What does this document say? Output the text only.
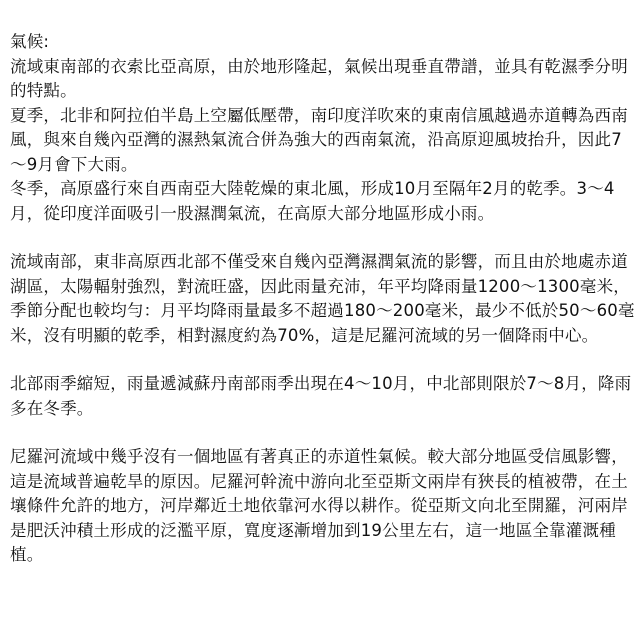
氣候:

流域東南部的衣索比亞高原，由於地形隆起，氣候出現垂直帶譜，並具有乾濕季分明的特點。

夏季，北非和阿拉伯半島上空屬低壓帶，南印度洋吹來的東南信風越過赤道轉為西南風，與來自幾內亞灣的濕熱氣流合併為強大的西南氣流，沿高原迎風坡抬升，因此7～9月會下大雨。

冬季，高原盛行來自西南亞大陸乾燥的東北風，形成10月至隔年2月的乾季。3～4月，從印度洋面吸引一股濕潤氣流，在高原大部分地區形成小雨。

流域南部，東非高原西北部不僅受來自幾內亞灣濕潤氣流的影響，而且由於地處赤道湖區，太陽輻射強烈，對流旺盛，因此雨量充沛，年平均降雨量1200～1300毫米，季節分配也較均勻：月平均降雨量最多不超過180～200毫米，最少不低於50～60毫米，沒有明顯的乾季，相對濕度約為70%，這是尼羅河流域的另一個降雨中心。

北部雨季縮短，雨量遞減蘇丹南部雨季出現在4～10月，中北部則限於7～8月，降雨多在冬季。

尼羅河流域中幾乎沒有一個地區有著真正的赤道性氣候。較大部分地區受信風影響，這是流域普遍乾旱的原因。尼羅河幹流中游向北至亞斯文兩岸有狹長的植被帶，在土壤條件允許的地方，河岸鄰近土地依靠河水得以耕作。從亞斯文向北至開羅，河兩岸是肥沃沖積土形成的泛濫平原，寬度逐漸增加到19公里左右，這一地區全靠灌溉種植。
